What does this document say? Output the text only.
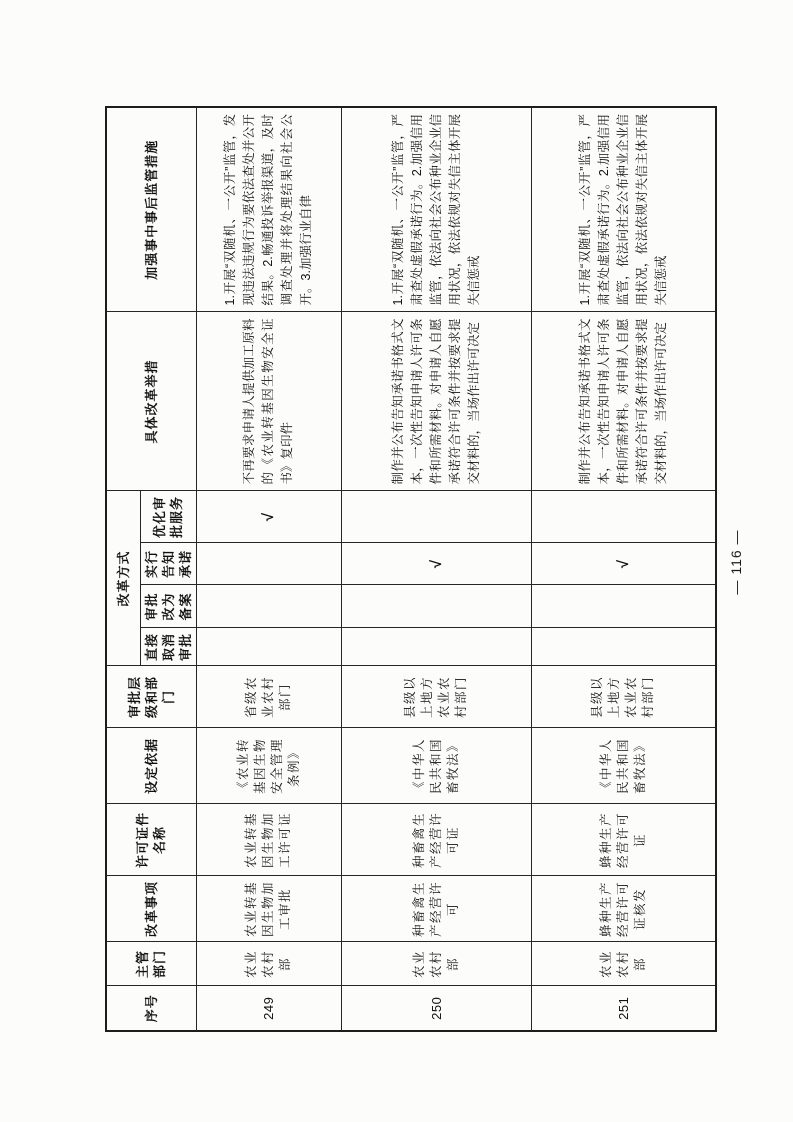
序号	主管部门	改革事项	许可证件名称	设定依据	审批层级和部门	改革方式				具体改革举措	加强事中事后监管措施
						直接取消审批	审批改为备案	实行告知承诺	优化审批服务		
249	农业农村部	农业转基因生物加工审批	农业转基因生物加工许可证	《农业转基因生物安全管理条例》	省级农业农村部门				√	不再要求申请人提供加工原料的《农业转基因生物安全证书》复印件	1.开展“双随机、一公开”监管，发现违法违规行为要依法查处并公开结果。2.畅通投诉举报渠道，及时调查处理并将处理结果向社会公开。3.加强行业自律
250	农业农村部	种畜禽生产经营许可	种畜禽生产经营许可证	《中华人民共和国畜牧法》	县级以上地方农业农村部门			√		制作并公布告知承诺书格式文本，一次性告知申请人许可条件和所需材料。对申请人自愿承诺符合许可条件并按要求提交材料的，当场作出许可决定	1.开展“双随机、一公开”监管，严肃查处虚假承诺行为。2.加强信用监管，依法向社会公布种业企业信用状况，依法依规对失信主体开展失信惩戒
251	农业农村部	蜂种生产经营许可证核发	蜂种生产经营许可证	《中华人民共和国畜牧法》	县级以上地方农业农村部门			√		制作并公布告知承诺书格式文本，一次性告知申请人许可条件和所需材料。对申请人自愿承诺符合许可条件并按要求提交材料的，当场作出许可决定	1.开展“双随机、一公开”监管，严肃查处虚假承诺行为。2.加强信用监管，依法向社会公布种业企业信用状况，依法依规对失信主体开展失信惩戒
— 116 —
